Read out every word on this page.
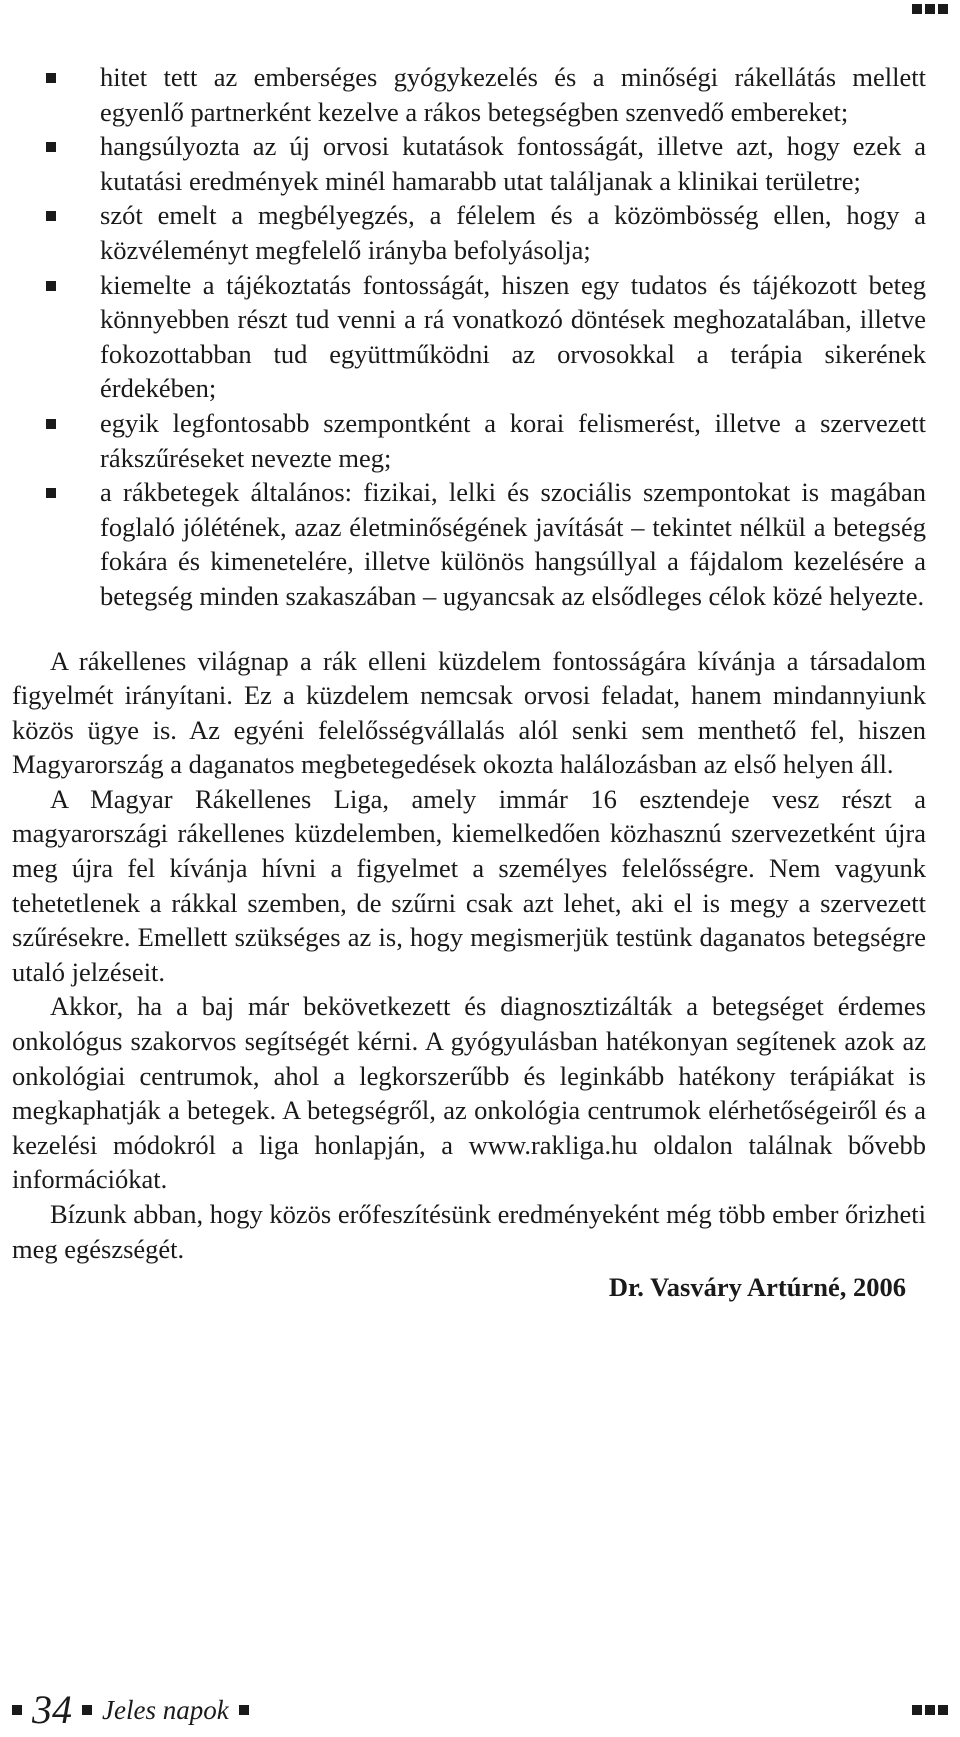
hitet tett az emberséges gyógykezelés és a minőségi rákellátás mellett egyenlő partnerként kezelve a rákos betegségben szenvedő embereket;
hangsúlyozta az új orvosi kutatások fontosságát, illetve azt, hogy ezek a kutatási eredmények minél hamarabb utat találjanak a klinikai területre;
szót emelt a megbélyegzés, a félelem és a közömbösség ellen, hogy a közvéleményt megfelelő irányba befolyásolja;
kiemelte a tájékoztatás fontosságát, hiszen egy tudatos és tájékozott beteg könnyebben részt tud venni a rá vonatkozó döntések meghozatalában, illetve fokozottabban tud együttműködni az orvosokkal a terápia sikerének érdekében;
egyik legfontosabb szempontként a korai felismerést, illetve a szervezett rákszűréseket nevezte meg;
a rákbetegek általános: fizikai, lelki és szociális szempontokat is magában foglaló jólétének, azaz életminőségének javítását – tekintet nélkül a betegség fokára és kimenetelére, illetve különös hangsúllyal a fájdalom kezelésére a betegség minden szakaszában – ugyancsak az elsődleges célok közé helyezte.

A rákellenes világnap a rák elleni küzdelem fontosságára kívánja a társadalom figyelmét irányítani. Ez a küzdelem nemcsak orvosi feladat, hanem mindannyiunk közös ügye is. Az egyéni felelősségvállalás alól senki sem menthető fel, hiszen Magyarország a daganatos megbetegedések okozta halálozásban az első helyen áll.

A Magyar Rákellenes Liga, amely immár 16 esztendeje vesz részt a magyarországi rákellenes küzdelemben, kiemelkedően közhasznú szervezetként újra meg újra fel kívánja hívni a figyelmet a személyes felelősségre. Nem vagyunk tehetetlenek a rákkal szemben, de szűrni csak azt lehet, aki el is megy a szervezett szűrésekre. Emellett szükséges az is, hogy megismerjük testünk daganatos betegségre utaló jelzéseit.

Akkor, ha a baj már bekövetkezett és diagnosztizálták a betegséget érdemes onkológus szakorvos segítségét kérni. A gyógyulásban hatékonyan segítenek azok az onkológiai centrumok, ahol a legkorszerűbb és leginkább hatékony terápiákat is megkaphatják a betegek. A betegségről, az onkológia centrumok elérhetőségeiről és a kezelési módokról a liga honlapján, a www.rakliga.hu oldalon találnak bővebb információkat.

Bízunk abban, hogy közös erőfeszítésünk eredményeként még több ember őrizheti meg egészségét.

Dr. Vasváry Artúrné, 2006
34 Jeles napok
